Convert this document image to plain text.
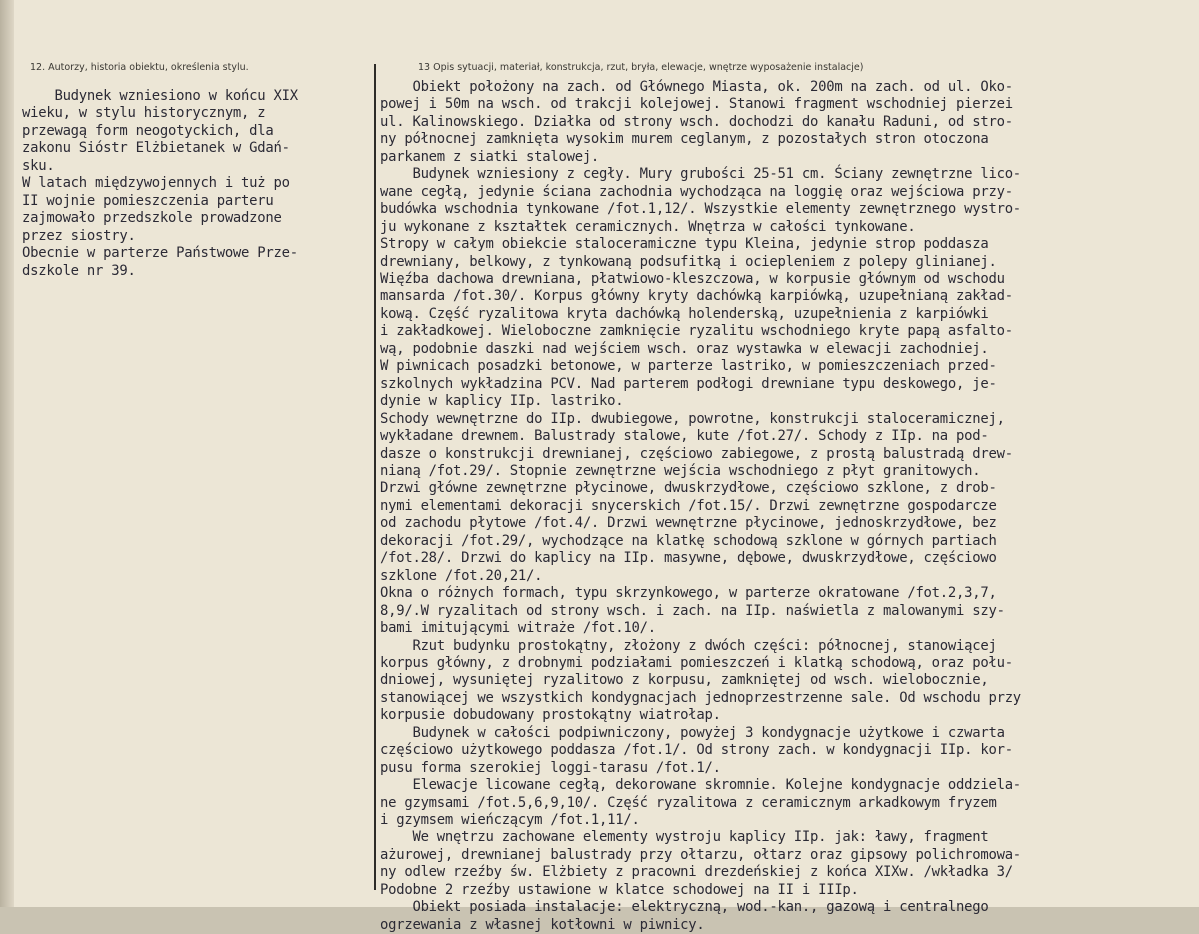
12. Autorzy, historia obiektu, określenia stylu.	13 Opis sytuacji, materiał, konstrukcja, rzut, bryła, elewacje, wnętrze wyposażenie instalacje)
Budynek wzniesiono w końcu XIX
wieku, w stylu historycznym, z
przewagą form neogotyckich, dla
zakonu Sióstr Elżbietanek w Gdań-
sku.
W latach międzywojennych i tuż po
II wojnie pomieszczenia parteru
zajmowało przedszkole prowadzone
przez siostry.
Obecnie w parterze Państwowe Prze-
dszkole nr 39.
Obiekt położony na zach. od Głównego Miasta, ok. 200m na zach. od ul. Oko-
powej i 50m na wsch. od trakcji kolejowej. Stanowi fragment wschodniej pierzei
ul. Kalinowskiego. Działka od strony wsch. dochodzi do kanału Raduni, od stro-
ny północnej zamknięta wysokim murem ceglanym, z pozostałych stron otoczona
parkanem z siatki stalowej.
Budynek wzniesiony z cegły. Mury grubości 25-51 cm. Ściany zewnętrzne lico-
wane cegłą, jedynie ściana zachodnia wychodząca na loggię oraz wejściowa przy-
budówka wschodnia tynkowane /fot.1,12/. Wszystkie elementy zewnętrznego wystro-
ju wykonane z kształtek ceramicznych. Wnętrza w całości tynkowane.
Stropy w całym obiekcie staloceramiczne typu Kleina, jedynie strop poddasza
drewniany, belkowy, z tynkowaną podsufitką i ociepleniem z polepy glinianej.
Więźba dachowa drewniana, płatwiowo-kleszczowa, w korpusie głównym od wschodu
mansarda /fot.30/. Korpus główny kryty dachówką karpiówką, uzupełnianą zakład-
kową. Część ryzalitowa kryta dachówką holenderską, uzupełnienia z karpiówki
i zakładkowej. Wieloboczne zamknięcie ryzalitu wschodniego kryte papą asfalto-
wą, podobnie daszki nad wejściem wsch. oraz wystawka w elewacji zachodniej.
W piwnicach posadzki betonowe, w parterze lastriko, w pomieszczeniach przed-
szkolnych wykładzina PCV. Nad parterem podłogi drewniane typu deskowego, je-
dynie w kaplicy IIp. lastriko.
Schody wewnętrzne do IIp. dwubiegowe, powrotne, konstrukcji staloceramicznej,
wykładane drewnem. Balustrady stalowe, kute /fot.27/. Schody z IIp. na pod-
dasze o konstrukcji drewnianej, częściowo zabiegowe, z prostą balustradą drew-
nianą /fot.29/. Stopnie zewnętrzne wejścia wschodniego z płyt granitowych.
Drzwi główne zewnętrzne płycinowe, dwuskrzydłowe, częściowo szklone, z drob-
nymi elementami dekoracji snycerskich /fot.15/. Drzwi zewnętrzne gospodarcze
od zachodu płytowe /fot.4/. Drzwi wewnętrzne płycinowe, jednoskrzydłowe, bez
dekoracji /fot.29/, wychodzące na klatkę schodową szklone w górnych partiach
/fot.28/. Drzwi do kaplicy na IIp. masywne, dębowe, dwuskrzydłowe, częściowo
szklone /fot.20,21/.
Okna o różnych formach, typu skrzynkowego, w parterze okratowane /fot.2,3,7,
8,9/.W ryzalitach od strony wsch. i zach. na IIp. naświetla z malowanymi szy-
bami imitującymi witraże /fot.10/.
Rzut budynku prostokątny, złożony z dwóch części: północnej, stanowiącej
korpus główny, z drobnymi podziałami pomieszczeń i klatką schodową, oraz połu-
dniowej, wysuniętej ryzalitowo z korpusu, zamkniętej od wsch. wielobocznie,
stanowiącej we wszystkich kondygnacjach jednoprzestrzenne sale. Od wschodu przy
korpusie dobudowany prostokątny wiatrołap.
Budynek w całości podpiwniczony, powyżej 3 kondygnacje użytkowe i czwarta
częściowo użytkowego poddasza /fot.1/. Od strony zach. w kondygnacji IIp. kor-
pusu forma szerokiej loggi-tarasu /fot.1/.
Elewacje licowane cegłą, dekorowane skromnie. Kolejne kondygnacje oddziela-
ne gzymsami /fot.5,6,9,10/. Część ryzalitowa z ceramicznym arkadkowym fryzem
i gzymsem wieńczącym /fot.1,11/.
We wnętrzu zachowane elementy wystroju kaplicy IIp. jak: ławy, fragment
ażurowej, drewnianej balustrady przy ołtarzu, ołtarz oraz gipsowy polichromowa-
ny odlew rzeźby św. Elżbiety z pracowni drezdeńskiej z końca XIXw. /wkładka 3/
Podobne 2 rzeźby ustawione w klatce schodowej na II i IIIp.
Obiekt posiada instalacje: elektryczną, wod.-kan., gazową i centralnego
ogrzewania z własnej kotłowni w piwnicy.
